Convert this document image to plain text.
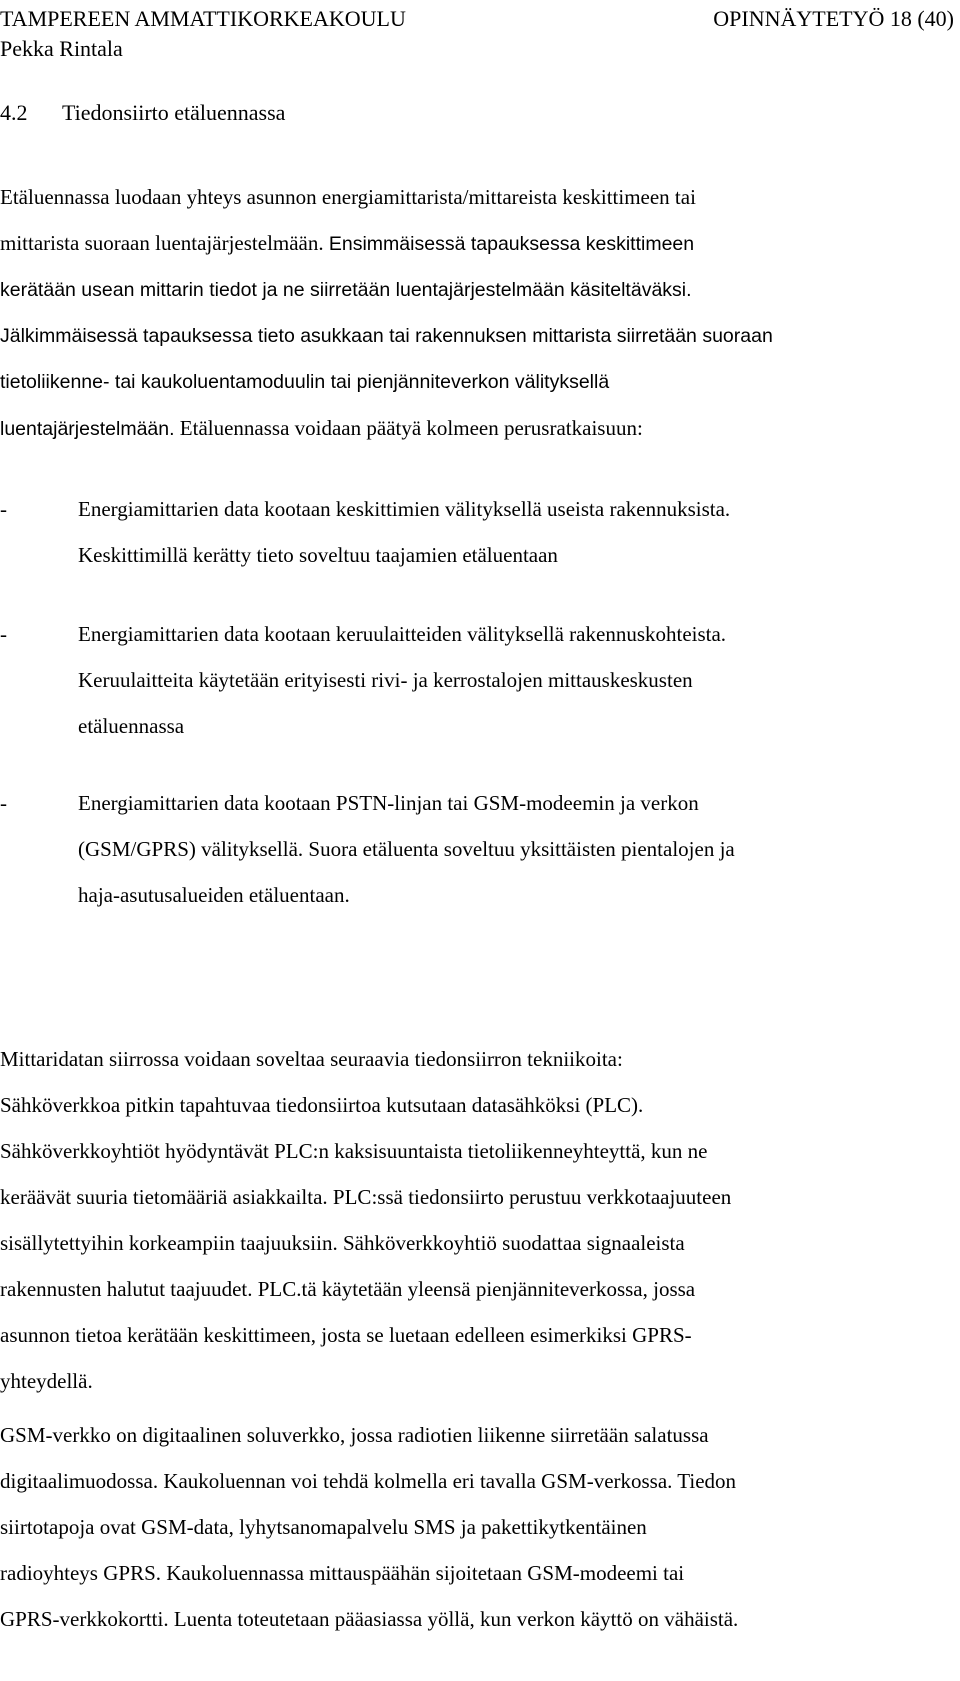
TAMPEREEN AMMATTIKORKEAKOULU	OPINNÄYTETYÖ 18 (40)
Pekka Rintala
4.2 Tiedonsiirto etäluennassa
Etäluennassa luodaan yhteys asunnon energiamittarista/mittareista keskittimeen tai
mittarista suoraan luentajärjestelmään. Ensimmäisessä tapauksessa keskittimeen
kerätään usean mittarin tiedot ja ne siirretään luentajärjestelmään käsiteltäväksi.
Jälkimmäisessä tapauksessa tieto asukkaan tai rakennuksen mittarista siirretään suoraan
tietoliikenne- tai kaukoluentamoduulin tai pienjänniteverkon välityksellä
luentajärjestelmään. Etäluennassa voidaan päätyä kolmeen perusratkaisuun:
-	Energiamittarien data kootaan keskittimien välityksellä useista rakennuksista.
Keskittimillä kerätty tieto soveltuu taajamien etäluentaan
-	Energiamittarien data kootaan keruulaitteiden välityksellä rakennuskohteista.
Keruulaitteita käytetään erityisesti rivi- ja kerrostalojen mittauskeskusten
etäluennassa
-	Energiamittarien data kootaan PSTN-linjan tai GSM-modeemin ja verkon
(GSM/GPRS) välityksellä. Suora etäluenta soveltuu yksittäisten pientalojen ja
haja-asutusalueiden etäluentaan.
Mittaridatan siirrossa voidaan soveltaa seuraavia tiedonsiirron tekniikoita:
Sähköverkkoa pitkin tapahtuvaa tiedonsiirtoa kutsutaan datasähköksi (PLC).
Sähköverkkoyhtiöt hyödyntävät PLC:n kaksisuuntaista tietoliikenneyhteyttä, kun ne
keräävät suuria tietomääriä asiakkailta. PLC:ssä tiedonsiirto perustuu verkkotaajuuteen
sisällytettyihin korkeampiin taajuuksiin. Sähköverkkoyhtiö suodattaa signaaleista
rakennusten halutut taajuudet. PLC.tä käytetään yleensä pienjänniteverkossa, jossa
asunnon tietoa kerätään keskittimeen, josta se luetaan edelleen esimerkiksi GPRS-
yhteydellä.
GSM-verkko on digitaalinen soluverkko, jossa radiotien liikenne siirretään salatussa
digitaalimuodossa. Kaukoluennan voi tehdä kolmella eri tavalla GSM-verkossa. Tiedon
siirtotapoja ovat GSM-data, lyhytsanomapalvelu SMS ja pakettikytkentäinen
radioyhteys GPRS. Kaukoluennassa mittauspäähän sijoitetaan GSM-modeemi tai
GPRS-verkkokortti. Luenta toteutetaan pääasiassa yöllä, kun verkon käyttö on vähäistä.
